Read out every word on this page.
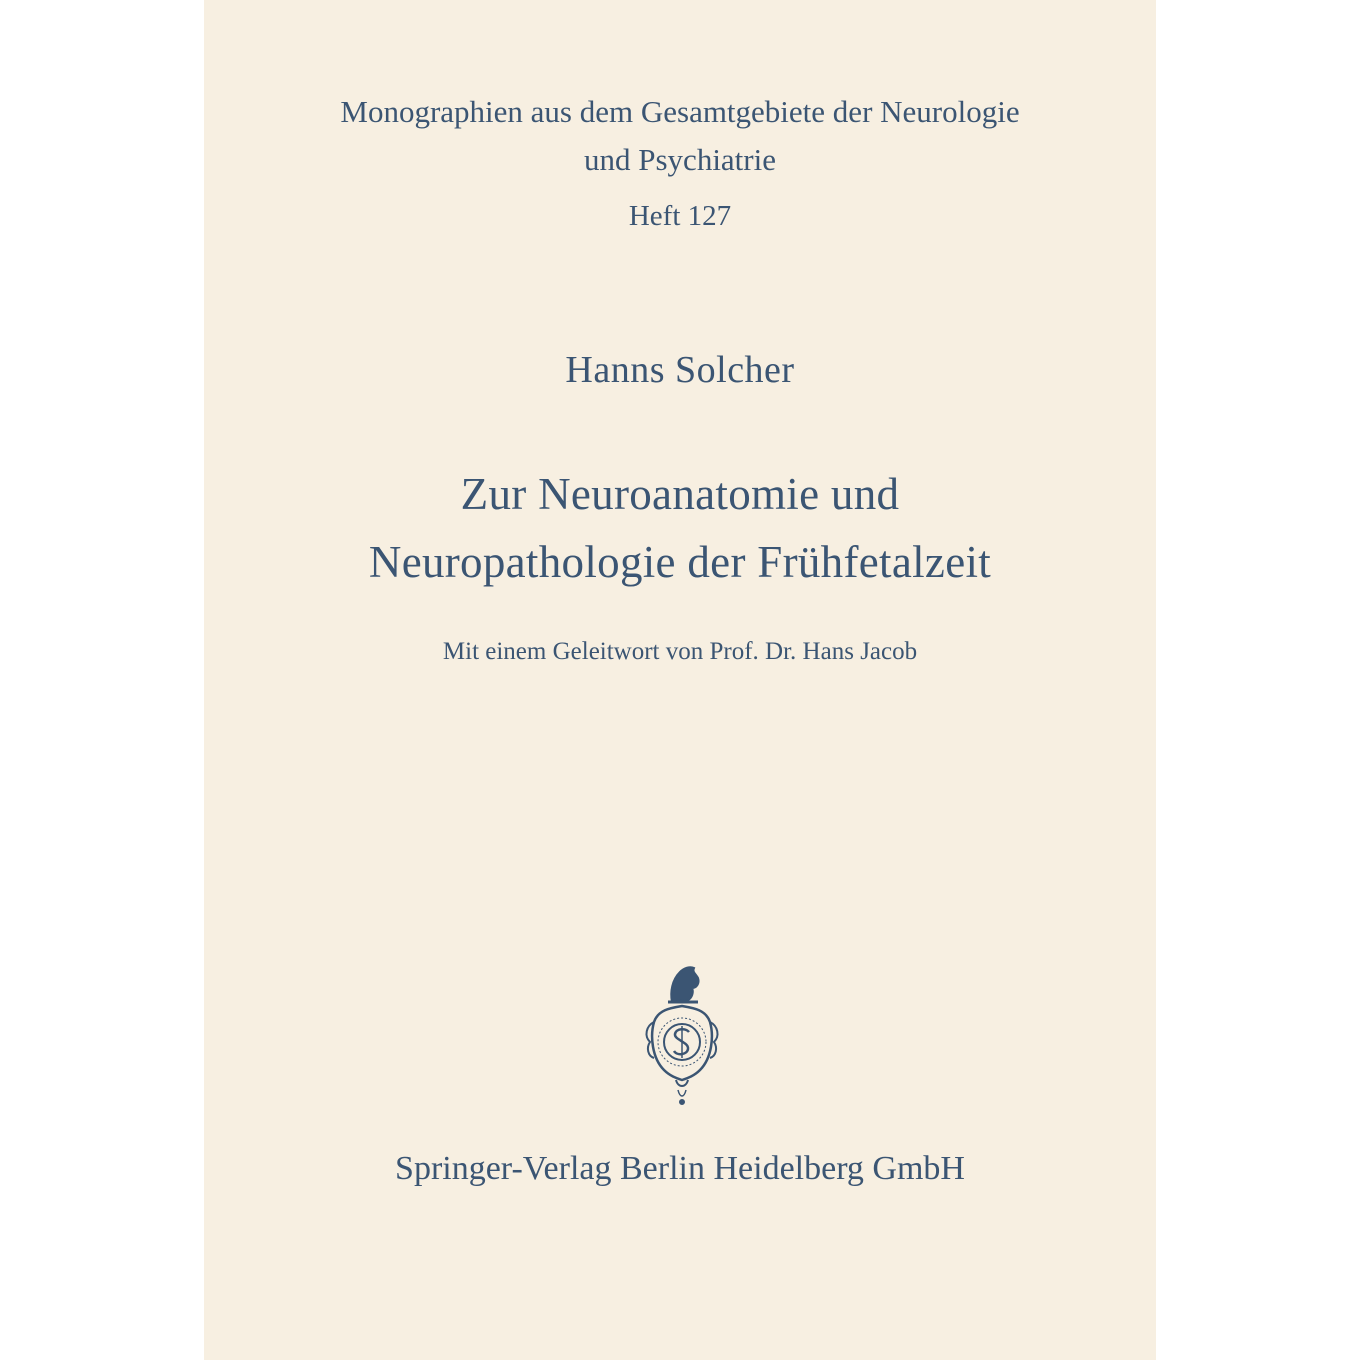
Monographien aus dem Gesamtgebiete der Neurologie
und Psychiatrie
Heft 127
Hanns Solcher
Zur Neuroanatomie und
Neuropathologie der Frühfetalzeit
Mit einem Geleitwort von Prof. Dr. Hans Jacob
Springer-Verlag Berlin Heidelberg GmbH
